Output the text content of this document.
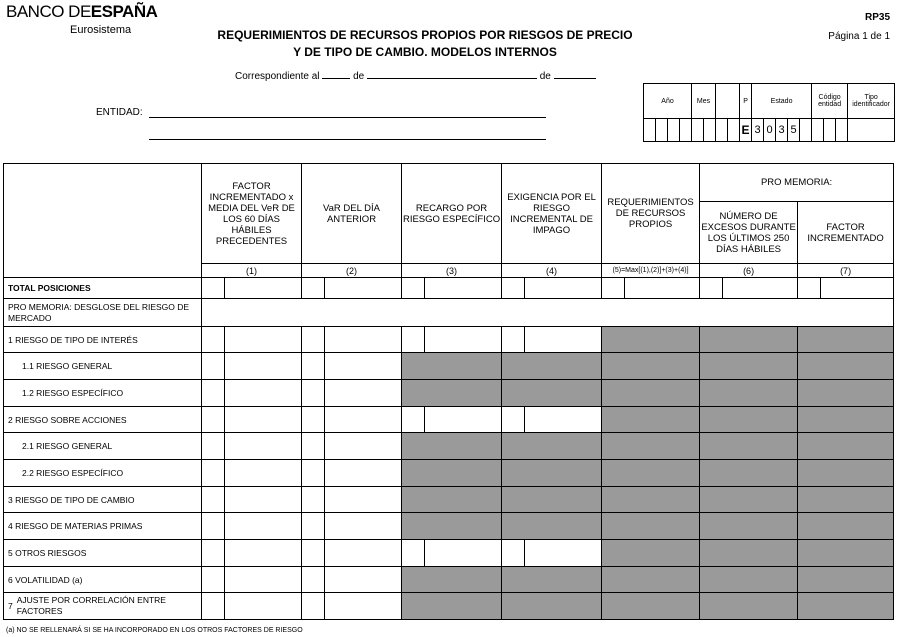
BANCO DEESPAÑA
Eurosistema	REQUERIMIENTOS DE RECURSOS PROPIOS POR RIESGOS DE PRECIO
Y DE TIPO DE CAMBIO. MODELOS INTERNOS
RP35
Página 1 de 1
Correspondiente al	de	de
ENTIDAD:
Año				Mes				P	Estado					Código entidad			Tipo identificador
								E	3	0	3	5					
	FACTOR INCREMENTADO x MEDIA DEL VeR DE LOS 60 DÍAS HÁBILES PRECEDENTES	VaR DEL DÍA ANTERIOR	RECARGO POR RIESGO ESPECÍFICO	EXIGENCIA POR EL RIESGO INCREMENTAL DE IMPAGO	REQUERIMIENTOS DE RECURSOS PROPIOS	PRO MEMORIA:
NÚMERO DE EXCESOS DURANTE LOS ÚLTIMOS 250 DÍAS HÁBILES	FACTOR INCREMENTADO
(1)	(2)	(3)	(4)	(5)=Max[(1),(2)]+(3)+(4)]	(6)	(7)
TOTAL POSICIONES														
PRO MEMORIA: DESGLOSE DEL RIESGO DE MERCADO	
1 RIESGO DE TIPO DE INTERÉS											
1.1 RIESGO GENERAL									
1.2 RIESGO ESPECÍFICO									
2 RIESGO SOBRE ACCIONES											
2.1 RIESGO GENERAL									
2.2 RIESGO ESPECÍFICO									
3 RIESGO DE TIPO DE CAMBIO									
4 RIESGO DE MATERIAS PRIMAS									
5 OTROS RIESGOS											
6 VOLATILIDAD (a)									

7	AJUSTE POR CORRELACIÓN ENTRE FACTORES

(a) NO SE RELLENARÁ SI SE HA INCORPORADO EN LOS OTROS FACTORES DE RIESGO
